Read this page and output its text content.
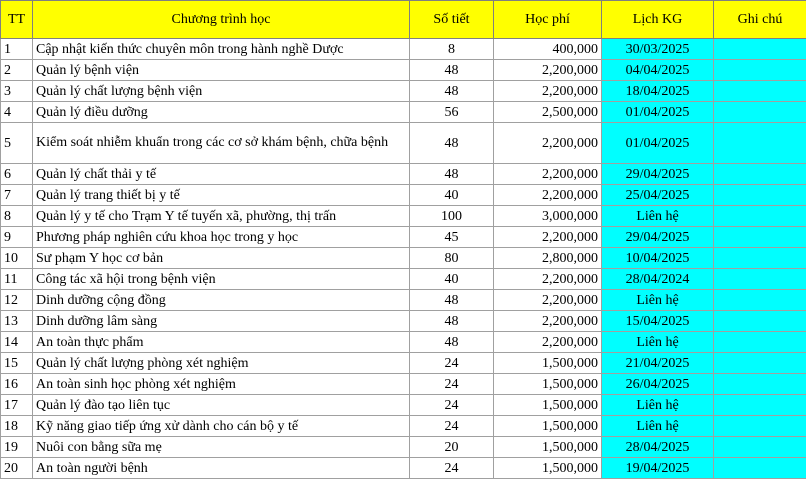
TT	Chương trình học	Số tiết	Học phí	Lịch KG	Ghi chú
1	Cập nhật kiến thức chuyên môn trong hành nghề Dược	8	400,000	30/03/2025	
2	Quản lý bệnh viện	48	2,200,000	04/04/2025	
3	Quản lý chất lượng bệnh viện	48	2,200,000	18/04/2025	
4	Quản lý điều dưỡng	56	2,500,000	01/04/2025	
5	Kiểm soát nhiễm khuẩn trong các cơ sở khám bệnh, chữa bệnh	48	2,200,000	01/04/2025	
6	Quản lý chất thải y tế	48	2,200,000	29/04/2025	
7	Quản lý trang thiết bị y tế	40	2,200,000	25/04/2025	
8	Quản lý y tế cho Trạm Y tế tuyến xã, phường, thị trấn	100	3,000,000	Liên hệ	
9	Phương pháp nghiên cứu khoa học trong y học	45	2,200,000	29/04/2025	
10	Sư phạm Y học cơ bản	80	2,800,000	10/04/2025	
11	Công tác xã hội trong bệnh viện	40	2,200,000	28/04/2024	
12	Dinh dưỡng cộng đồng	48	2,200,000	Liên hệ	
13	Dinh dưỡng lâm sàng	48	2,200,000	15/04/2025	
14	An toàn thực phẩm	48	2,200,000	Liên hệ	
15	Quản lý chất lượng phòng xét nghiệm	24	1,500,000	21/04/2025	
16	An toàn sinh học phòng xét nghiệm	24	1,500,000	26/04/2025	
17	Quản lý đào tạo liên tục	24	1,500,000	Liên hệ	
18	Kỹ năng giao tiếp ứng xử dành cho cán bộ y tế	24	1,500,000	Liên hệ	
19	Nuôi con bằng sữa mẹ	20	1,500,000	28/04/2025	
20	An toàn người bệnh	24	1,500,000	19/04/2025	
